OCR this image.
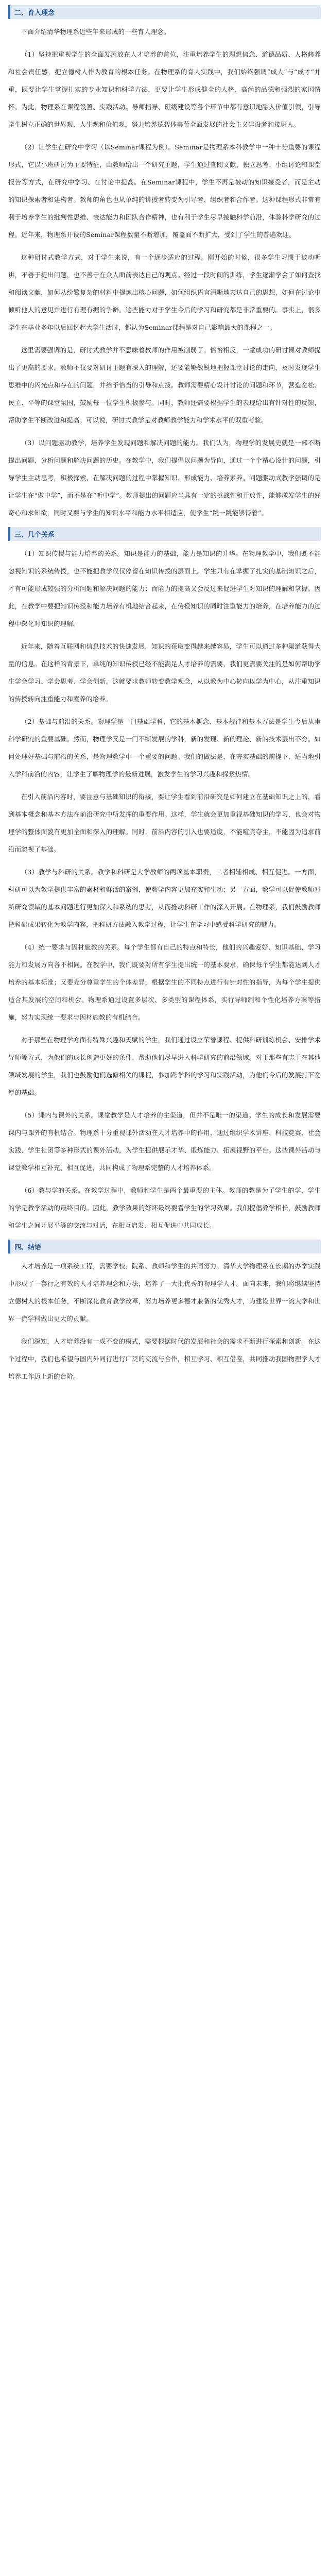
二、育人理念

下面介绍清华物理系近些年来形成的一些育人理念。

（1）坚持把重视学生的全面发展放在人才培养的首位，注重培养学生的理想信念、道德品质、人格修养和社会责任感，把立德树人作为教育的根本任务。在物理系的育人实践中，我们始终强调“成人”与“成才”并重，既要让学生掌握扎实的专业知识和科学方法，更要让学生形成健全的人格、高尚的品德和强烈的家国情怀。为此，物理系在课程设置、实践活动、导师指导、班级建设等各个环节中都有意识地融入价值引领，引导学生树立正确的世界观、人生观和价值观，努力培养德智体美劳全面发展的社会主义建设者和接班人。

（2）让学生在研究中学习（以Seminar课程为例）。Seminar是物理系本科教学中一种十分重要的课程形式，它以小班研讨为主要特征，由教师给出一个研究主题，学生通过查阅文献、独立思考、小组讨论和课堂报告等方式，在研究中学习、在讨论中提高。在Seminar课程中，学生不再是被动的知识接受者，而是主动的知识探索者和建构者。教师的角色也从单纯的讲授者转变为引导者、组织者和合作者。这种课程形式非常有利于培养学生的批判性思维、表达能力和团队合作精神，也有利于学生尽早接触科学前沿，体验科学研究的过程。近年来，物理系开设的Seminar课程数量不断增加，覆盖面不断扩大，受到了学生的普遍欢迎。

这种研讨式教学方式，对于学生来说，有一个逐步适应的过程。刚开始的时候，很多学生习惯于被动听讲，不善于提出问题，也不善于在众人面前表达自己的观点。经过一段时间的训练，学生逐渐学会了如何查找和阅读文献，如何从纷繁复杂的材料中提炼出核心问题，如何组织语言清晰地表达自己的思想，如何在讨论中倾听他人的意见并进行有理有据的争辩。这些能力对于学生今后的学习和研究都是非常重要的。事实上，很多学生在毕业多年以后回忆起大学生活时，都认为Seminar课程是对自己影响最大的课程之一。

这里需要强调的是，研讨式教学并不意味着教师的作用被削弱了。恰恰相反，一堂成功的研讨课对教师提出了更高的要求。教师不仅要对研讨主题有深入的理解，还要能够敏锐地把握课堂讨论的走向，及时发现学生思维中的闪光点和存在的问题，并给予恰当的引导和点拨。教师需要精心设计讨论的问题和环节，营造宽松、民主、平等的课堂氛围，鼓励每一位学生积极参与。同时，教师还需要根据学生的表现给出有针对性的反馈，帮助学生不断改进和提高。可以说，研讨式教学是对教师教学能力和学术水平的双重考验。

（3）以问题驱动教学，培养学生发现问题和解决问题的能力。我们认为，物理学的发展史就是一部不断提出问题、分析问题和解决问题的历史。在教学中，我们提倡以问题为导向，通过一个个精心设计的问题，引导学生主动思考，积极探索，在解决问题的过程中掌握知识、形成能力、培养素养。问题驱动式教学强调的是让学生在“做中学”，而不是在“听中学”。教师提出的问题应当具有一定的挑战性和开放性，能够激发学生的好奇心和求知欲，同时又要与学生的知识水平和能力水平相适应，使学生“跳一跳能够得着”。

三、几个关系

（1）知识传授与能力培养的关系。知识是能力的基础，能力是知识的升华。在物理教学中，我们既不能忽视知识的系统传授，也不能把教学仅仅停留在知识传授的层面上。学生只有在掌握了扎实的基础知识之后，才有可能形成较强的分析问题和解决问题的能力；而能力的提高又会反过来促进学生对知识的理解和掌握。因此，在教学中要把知识传授和能力培养有机地结合起来，在传授知识的同时注重能力的培养，在培养能力的过程中深化对知识的理解。

近年来，随着互联网和信息技术的快速发展，知识的获取变得越来越容易，学生可以通过多种渠道获得大量的信息。在这样的背景下，单纯的知识传授已经不能满足人才培养的需要，我们更需要关注的是如何帮助学生学会学习、学会思考、学会创新。这就要求教师转变教学观念，从以教为中心转向以学为中心，从注重知识的传授转向注重能力和素养的培养。

（2）基础与前沿的关系。物理学是一门基础学科，它的基本概念、基本规律和基本方法是学生今后从事科学研究的重要基础。然而，物理学又是一门不断发展的学科，新的发现、新的理论、新的技术层出不穷。如何处理好基础与前沿的关系，是物理教学中一个重要的问题。我们的做法是，在夯实基础的前提下，适当地引入学科前沿的内容，让学生了解物理学的最新进展，激发学生的学习兴趣和探索热情。

在引入前沿内容时，要注意与基础知识的衔接，要让学生看到前沿研究是如何建立在基础知识之上的，看到基本概念和基本方法在前沿研究中所发挥的重要作用。这样，学生就会更加重视基础知识的学习，也会对物理学的整体面貌有更加全面和深入的理解。同时，前沿内容的引入也要适度，不能喧宾夺主，不能因为追求前沿而忽视了基础。

（3）教学与科研的关系。教学和科研是大学教师的两项基本职责，二者相辅相成、相互促进。一方面，科研可以为教学提供丰富的素材和鲜活的案例，使教学内容更加充实和生动；另一方面，教学可以促使教师对所研究领域的基本问题进行更加深入和系统的思考，从而推动科研工作的深入开展。在物理系，我们鼓励教师把科研成果转化为教学内容，把科研方法融入教学过程，让学生在学习中感受科学研究的魅力。

（4）统一要求与因材施教的关系。每个学生都有自己的特点和特长，他们的兴趣爱好、知识基础、学习能力和发展方向各不相同。在教学中，我们既要对所有学生提出统一的基本要求，确保每个学生都能达到人才培养的基本标准；又要充分尊重学生的个体差异，根据学生的不同特点进行有针对性的指导，为每个学生提供适合其发展的空间和机会。物理系通过设置多层次、多类型的课程体系，实行导师制和个性化培养方案等措施，努力实现统一要求与因材施教的有机结合。

对于那些在物理学方面有特殊兴趣和天赋的学生，我们通过设立荣誉课程、提供科研训练机会、安排学术导师等方式，为他们的成长创造更好的条件，帮助他们尽早进入科学研究的前沿领域。对于那些有志于在其他领域发展的学生，我们也鼓励他们选修相关的课程，参加跨学科的学习和实践活动，为他们今后的发展打下宽厚的基础。

（5）课内与课外的关系。课堂教学是人才培养的主渠道，但并不是唯一的渠道。学生的成长和发展需要课内与课外的有机结合。物理系十分重视课外活动在人才培养中的作用，通过组织学术讲座、科技竞赛、社会实践、学生社团等多种形式的课外活动，为学生提供展示才华、锻炼能力、拓展视野的平台。这些课外活动与课堂教学相互补充、相互促进，共同构成了物理系完整的人才培养体系。

（6）教与学的关系。在教学过程中，教师和学生是两个最重要的主体。教师的教是为了学生的学，学生的学是教学活动的最终目的。因此，教学效果的好坏最终要看学生的学习效果。我们提倡教学相长，鼓励教师和学生之间开展平等的交流与对话，在相互启发、相互促进中共同成长。

四、结语

人才培养是一项系统工程，需要学校、院系、教师和学生的共同努力。清华大学物理系在长期的办学实践中形成了一套行之有效的人才培养理念和方法，培养了一大批优秀的物理学人才。面向未来，我们将继续坚持立德树人的根本任务，不断深化教育教学改革，努力培养更多德才兼备的优秀人才，为建设世界一流大学和世界一流学科做出更大的贡献。

我们深知，人才培养没有一成不变的模式，需要根据时代的发展和社会的需求不断进行探索和创新。在这个过程中，我们也希望与国内外同行进行广泛的交流与合作，相互学习、相互借鉴，共同推动我国物理学人才培养工作迈上新的台阶。
